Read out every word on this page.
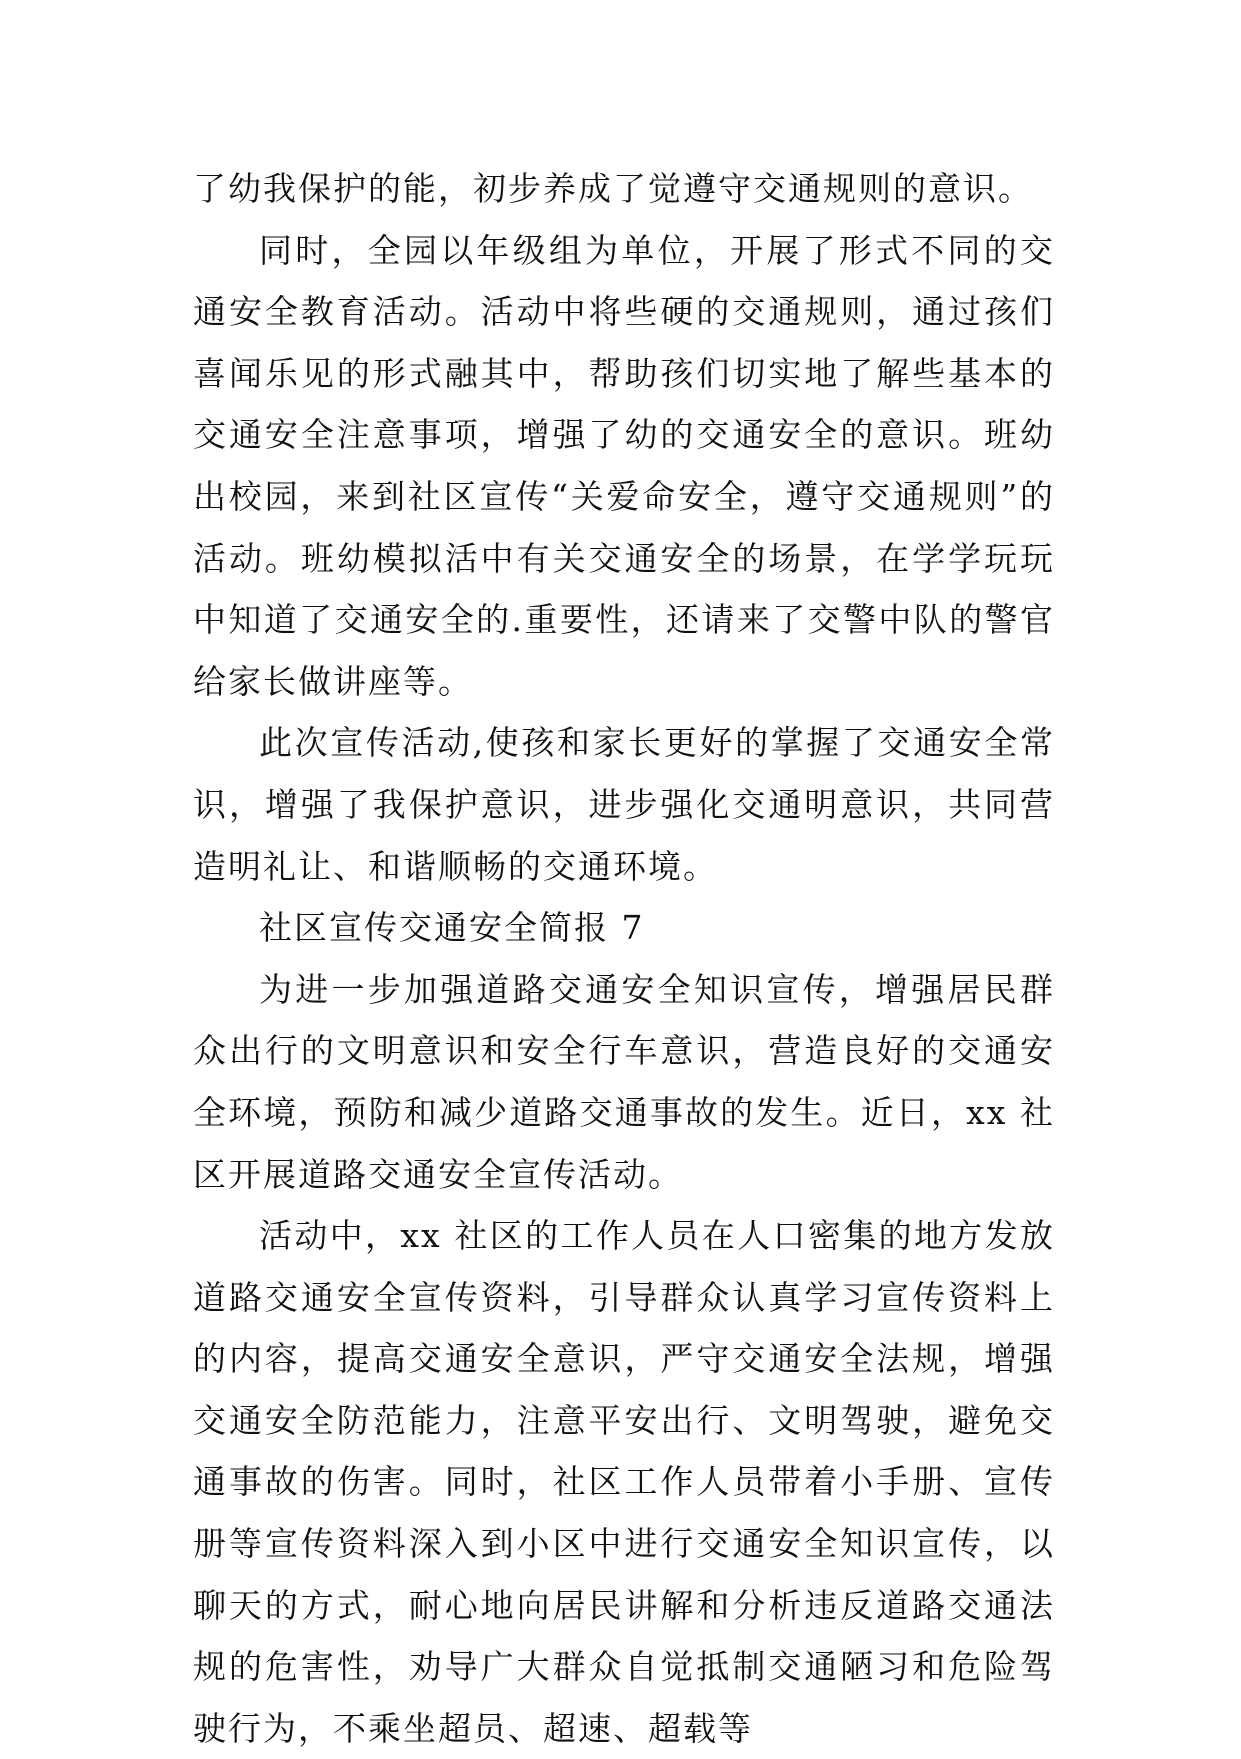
了幼我保护的能，初步养成了觉遵守交通规则的意识。

同时，全园以年级组为单位，开展了形式不同的交通安全教育活动。活动中将些硬的交通规则，通过孩们喜闻乐见的形式融其中，帮助孩们切实地了解些基本的交通安全注意事项，增强了幼的交通安全的意识。班幼出校园，来到社区宣传“关爱命安全，遵守交通规则”的活动。班幼模拟活中有关交通安全的场景，在学学玩玩中知道了交通安全的.重要性，还请来了交警中队的警官给家长做讲座等。

此次宣传活动,使孩和家长更好的掌握了交通安全常识，增强了我保护意识，进步强化交通明意识，共同营造明礼让、和谐顺畅的交通环境。

社区宣传交通安全简报 7

为进一步加强道路交通安全知识宣传，增强居民群众出行的文明意识和安全行车意识，营造良好的交通安全环境，预防和减少道路交通事故的发生。近日，xx 社区开展道路交通安全宣传活动。

活动中，xx 社区的工作人员在人口密集的地方发放道路交通安全宣传资料，引导群众认真学习宣传资料上的内容，提高交通安全意识，严守交通安全法规，增强交通安全防范能力，注意平安出行、文明驾驶，避免交通事故的伤害。同时，社区工作人员带着小手册、宣传册等宣传资料深入到小区中进行交通安全知识宣传，以聊天的方式，耐心地向居民讲解和分析违反道路交通法规的危害性，劝导广大群众自觉抵制交通陋习和危险驾驶行为，不乘坐超员、超速、超载等
